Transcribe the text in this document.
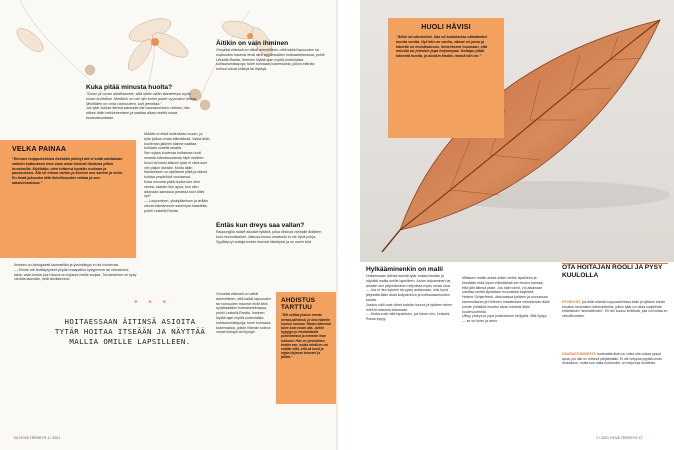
Kuka pitää minusta huolta?

”Surun ja oman aihdistuneet, sillä miten äidin tilanteessa myös oman kohtaloni. Mmäihin on ole nim korim pabin syysvaksi hoitaa. Mmilltäen on oma vanhuuteni, kuh pelotitaa.”

Jos tytär kohtaa äitinsä sairauden tai haurastumisen varhain, hän näkee äidin heikkenemisen ja saattaa alkaa miettiä omaa kuolevaisuuttaan.

Mikään ei ehkä kuitenkaan muutu, ja tytär jatkaa omaa elämäänsä. Vasta äidin kuoleman jälkeen tilanne saattaa kohdata uudella tavalla.

Sen sijaan kuolevaa hoitaessa huoli omasta tulevaisuudesta hiipii mieleen. Nuori tai keski-ikäinen tytär ei vielä sure niin paljon itseään. Mutta äidin tilanteeseen on ajallisesti pitkä ja elämä kohtaa ympäröivä vuolaansa.

Kuka minusta pitää huolta kun olen vanha, saanko itse apua, kun olen aikanaan samassa jamassa kuin äitini nyt?

— Luopuminen, yksinjäämisen ja reilläin olevat elämänmme saurimpia haasteita, pohtii Leskelä-Rantta.

VELKA PAINAA
”Emmen huippukokkina itsekään pitänyt äiti ei enää odotakaan valmiin kattauksen kera vaan asiat toisivat tikaisina pitkin huushollia. Myöhään, olen tottunut hyvään ruokaan ja passauksen. Äiti oli minua varten ja kerrosi sen sanoin ja teoin. En tiedä jaksanko tätä itolotilusuden velkaa ja sen takaisinmaksua.”

Ihmisen on biologisesti laumaeläin ja yksinäisyys ei ole luontevaa.

— Emme ole levittäytyneet ympäri maapallon kykyjemme tai voimamme takia, vaan koska juuri lauma on turjanut meille suojaa. Turvanamme on kyky vieraita laumalle, mitä tarvitsemme.

• • •
HOITAESSAAN ÄITINSÄ ASIOITA TYTÄR HOITAA ITSEÄÄN JA NÄYTTÄÄ MALLIA OMILLE LAPSILLEEN.

Äitikin on vain ihminen

Omoeksi eläessä on väkät aremelliinen, että kaikki lapsuuden tai nuoruuden traumat elvät siträ syrjäessäänn hoitoasetelmassa, pohtii Leskelä-Rantta. Ihminen löytää ajan myötä uudenlaisia suhtautumistapoja; tulee korvaava kokemuksia, jolloin elämän solmut voivat kiristyä tai löystyä.

Entäs kun dreys saa vallan?

Kaupungilla naiset aikuiset tyttäriä, jotka tiinkivat vanhalle äidilleen kuin muuroiskaiset. Jatkuva huono omatunto ei ole hyvä pohja. Syyllistyvyt auttaja tuntee itsensä riisteltyksi ja on usein ärtä.

Omoeksi eläessä on väkät aremelliinen, että kaikki lapsuuden tai nuoruuden traumat elvät siträ syrjäessäänn hoitoasetelmassa, pohtii Leskelä-Rantta. Ihminen löytää ajan myötä uudenlaisia suhtautumistapoja; tulee korvaava kokemuksia, jolloin elämän solmut voivat kiristyä tai löystyä.

AHDISTUS TARTTUU
”Äiti soittaa joskus monta kertaa päivässä, ja aina hänelle kuuluu huonoa. Hänen äänensä tulee kuin maan alta. Jotkin hypyjyn jo ensitahdeilla puhelimessa ja mennen ihan lukkoon. Hän on yksinäinen, tiedän sen, mutta mistä en voi estään siltä, että sä kuoli ja anjaa hojanan toiseeni ja jällimi.”
66 HYVÄ TERVEYS 1 / 2021
HUOLI HÄVISI
”Äitini oli alkoholisti, hän oli kadoksissa elämäntäni monta vuotta. Nyt hän on vanha, väivat on juotu ja hänellä on muistisairaus. Ihmeekseni huomaan, että minulla on jotenkin jopa helpompaa. Kotiapu pitää hänestä huolta, ja ainakin tiedän, missä hän on.”

Hylkääminenkin on malli

Hoitaessaan äitinsä asioita tytär hoitaa itseään ja näyttää mallia omille lapsilleen. Arvan tarjoaminen tai ainakin sen järjestäminen helpottaa myös omaa oloa.

— Jos ei itse kykene tai pysty auttamaan, olisi hyvä järjestää äidin asiat kotipalvelun ja kotisairaanhoidon kautta.

Joskus välit ovat olleet todella huonot ja tyttären tekee mieli irrottautua kokonaan.

— Mutta entä mitä tapahtuisi, jos tekee niin, Leskelä-Ranta kysyy.

Millaisen mallin antaa silloin omille lapsilleen ja kestääkö elää lopun elämäänsä sen tiedon kanssa, että jätti äitinsä yksin. Jos näin toimii, voi aikanaan odottaa omilta lapsiltaan muunlaisia käytöstä.

Helene Schjerfbeck -diskuvassa tyttären ja nuorassan kammottavan ja Helenen maalamista vieroksuvan äidin suhde yhtäkkiä muuttui aivan toiseksi äidin kuolinvuoteella.

Ulttyy yhteys ja jopa jonkinlainen hellyyttä. Sitä löytyy — se on ihme ja armo.

OTA HOITAJAN ROOLI JA PYSY KUULOLLA
HYVIN KÄY, jos äidin elämän loppuvaiheessa äidin ja tyttären suhde muuttuu kertomaisi hoitosuhteeksi, jolloin tytär voi ottaa suojelevan eräänlaisen ”ammattiroolin”. Eli niin kuuluu tehtävää, jota voi hoitaa eri velvollisuuteen.
HAURASTUMISESTA huolimatta äidin on voitut olla voikas pysyä apua, jos hän on tottunut pärjäämään. Ei ole helppoa pyytää oman tuotuutuun, mutta kun ottaa hoitoroolin, on helpompi huolehtia.
1 / 2021 HYVÄ TERVEYS 67
